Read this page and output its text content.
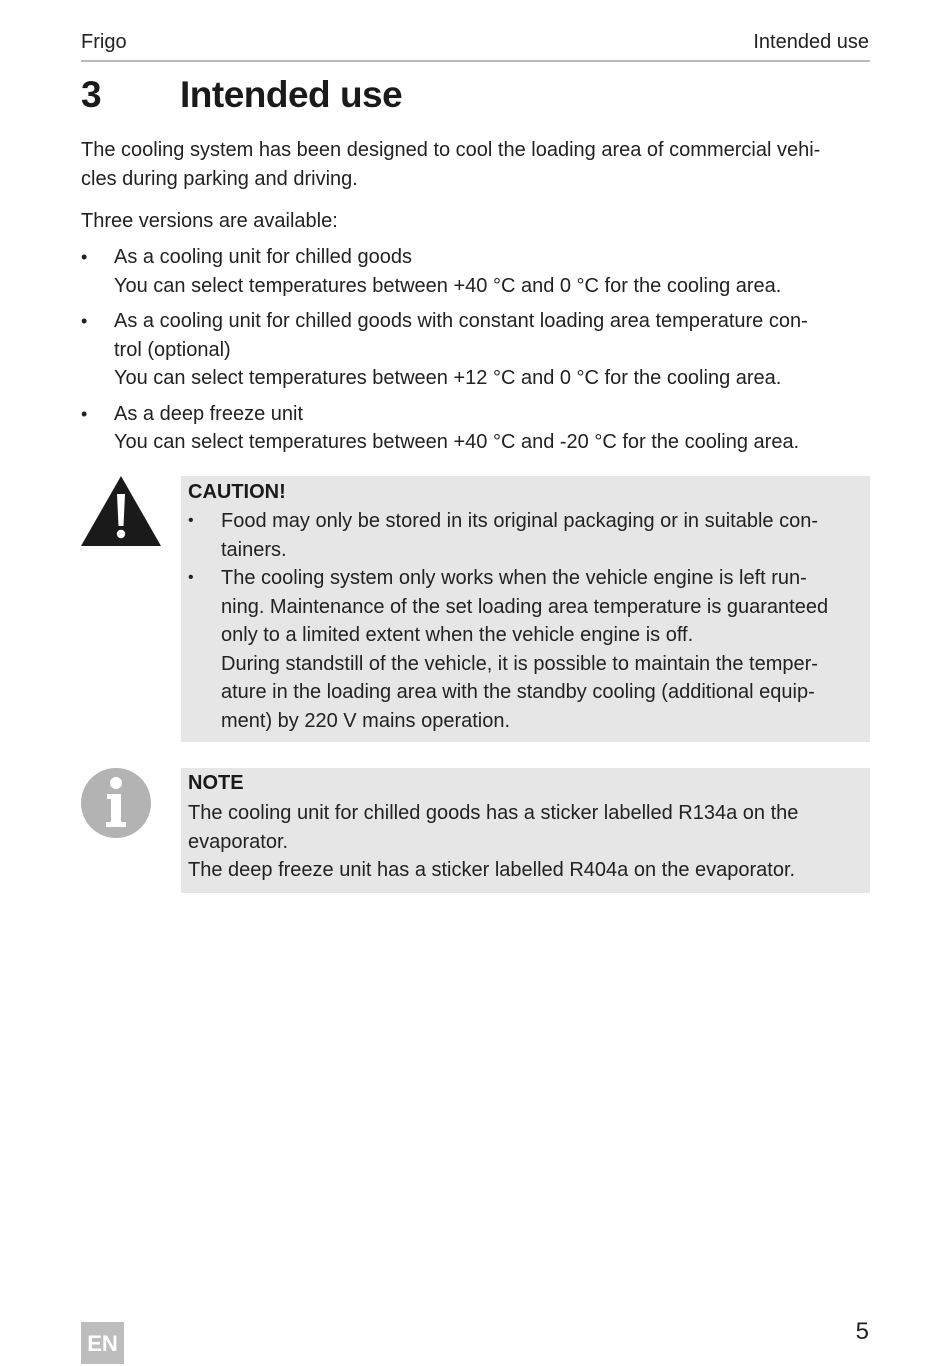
Frigo	Intended use
3 Intended use
The cooling system has been designed to cool the loading area of commercial vehi-
cles during parking and driving.
Three versions are available:
• As a cooling unit for chilled goods
You can select temperatures between +40 °C and 0 °C for the cooling area.
• As a cooling unit for chilled goods with constant loading area temperature con-
trol (optional)
You can select temperatures between +12 °C and 0 °C for the cooling area.
• As a deep freeze unit
You can select temperatures between +40 °C and -20 °C for the cooling area.
CAUTION!
• Food may only be stored in its original packaging or in suitable con-
tainers.
• The cooling system only works when the vehicle engine is left run-
ning. Maintenance of the set loading area temperature is guaranteed
only to a limited extent when the vehicle engine is off.
During standstill of the vehicle, it is possible to maintain the temper-
ature in the loading area with the standby cooling (additional equip-
ment) by 220 V mains operation.
NOTE
The cooling unit for chilled goods has a sticker labelled R134a on the
evaporator.
The deep freeze unit has a sticker labelled R404a on the evaporator.
EN	5
